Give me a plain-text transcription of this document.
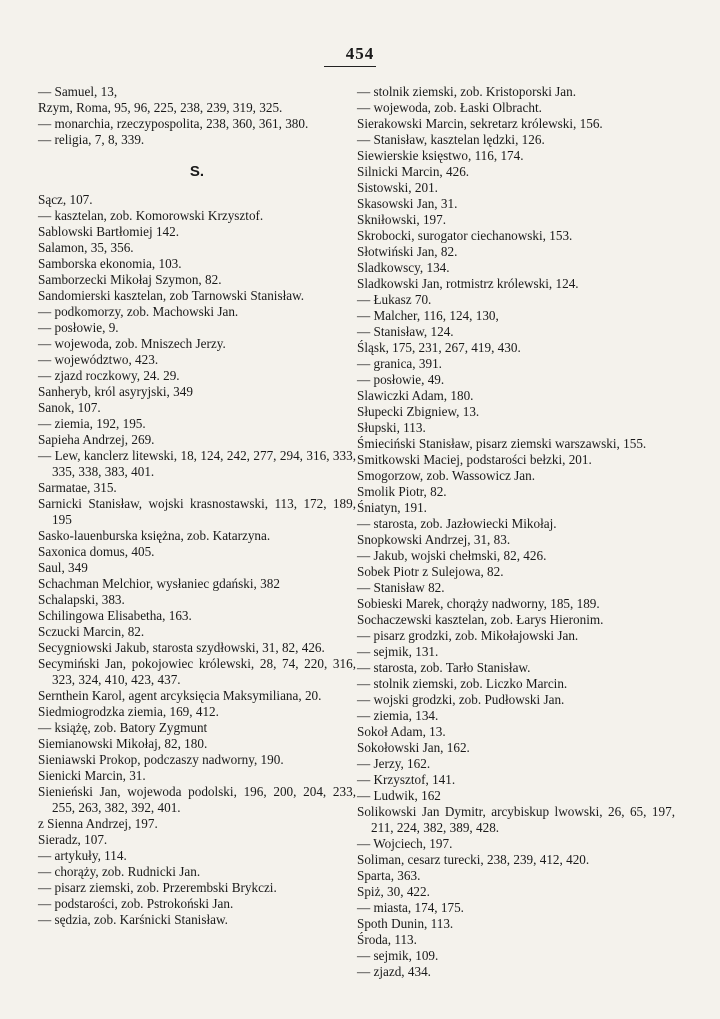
454

— Samuel, 13,

Rzym, Roma, 95, 96, 225, 238, 239, 319, 325.

— monarchia, rzeczypospolita, 238, 360, 361, 380.

— religia, 7, 8, 339.

S.

Sącz, 107.

— kasztelan, zob. Komorowski Krzysztof.

Sablowski Bartłomiej 142.

Salamon, 35, 356.

Samborska ekonomia, 103.

Samborzecki Mikołaj Szymon, 82.

Sandomierski kasztelan, zob Tarnowski Stanisław.

— podkomorzy, zob. Machowski Jan.

— posłowie, 9.

— wojewoda, zob. Mniszech Jerzy.

— województwo, 423.

— zjazd roczkowy, 24. 29.

Sanheryb, król asyryjski, 349

Sanok, 107.

— ziemia, 192, 195.

Sapieha Andrzej, 269.

— Lew, kanclerz litewski, 18, 124, 242, 277, 294, 316, 333, 335, 338, 383, 401.

Sarmatae, 315.

Sarnicki Stanisław, wojski krasnostawski, 113, 172, 189, 195

Sasko-lauenburska księżna, zob. Katarzyna.

Saxonica domus, 405.

Saul, 349

Schachman Melchior, wysłaniec gdański, 382

Schalapski, 383.

Schilingowa Elisabetha, 163.

Sczucki Marcin, 82.

Secygniowski Jakub, starosta szydłowski, 31, 82, 426.

Secymiński Jan, pokojowiec królewski, 28, 74, 220, 316, 323, 324, 410, 423, 437.

Sernthein Karol, agent arcyksięcia Maksymiliana, 20.

Siedmiogrodzka ziemia, 169, 412.

— książę, zob. Batory Zygmunt

Siemianowski Mikołaj, 82, 180.

Sieniawski Prokop, podczaszy nadworny, 190.

Sienicki Marcin, 31.

Sienieński Jan, wojewoda podolski, 196, 200, 204, 233, 255, 263, 382, 392, 401.

z Sienna Andrzej, 197.

Sieradz, 107.

— artykuły, 114.

— chorąży, zob. Rudnicki Jan.

— pisarz ziemski, zob. Przerembski Brykczi.

— podstarości, zob. Pstrokoński Jan.

— sędzia, zob. Karśnicki Stanisław.

— stolnik ziemski, zob. Kristoporski Jan.

— wojewoda, zob. Łaski Olbracht.

Sierakowski Marcin, sekretarz królewski, 156.

— Stanisław, kasztelan lędzki, 126.

Siewierskie księstwo, 116, 174.

Silnicki Marcin, 426.

Sistowski, 201.

Skasowski Jan, 31.

Skniłowski, 197.

Skrobocki, surogator ciechanowski, 153.

Słotwiński Jan, 82.

Sladkowscy, 134.

Sladkowski Jan, rotmistrz królewski, 124.

— Łukasz 70.

— Malcher, 116, 124, 130,

— Stanisław, 124.

Śląsk, 175, 231, 267, 419, 430.

— granica, 391.

— posłowie, 49.

Slawiczki Adam, 180.

Słupecki Zbigniew, 13.

Słupski, 113.

Śmieciński Stanisław, pisarz ziemski warszawski, 155.

Smitkowski Maciej, podstarości bełzki, 201.

Smogorzow, zob. Wassowicz Jan.

Smolik Piotr, 82.

Śniatyn, 191.

— starosta, zob. Jazłowiecki Mikołaj.

Snopkowski Andrzej, 31, 83.

— Jakub, wojski chełmski, 82, 426.

Sobek Piotr z Sulejowa, 82.

— Stanisław 82.

Sobieski Marek, chorąży nadworny, 185, 189.

Sochaczewski kasztelan, zob. Łarys Hieronim.

— pisarz grodzki, zob. Mikołajowski Jan.

— sejmik, 131.

— starosta, zob. Tarło Stanisław.

— stolnik ziemski, zob. Liczko Marcin.

— wojski grodzki, zob. Pudłowski Jan.

— ziemia, 134.

Sokoł Adam, 13.

Sokołowski Jan, 162.

— Jerzy, 162.

— Krzysztof, 141.

— Ludwik, 162

Solikowski Jan Dymitr, arcybiskup lwowski, 26, 65, 197, 211, 224, 382, 389, 428.

— Wojciech, 197.

Soliman, cesarz turecki, 238, 239, 412, 420.

Sparta, 363.

Spiż, 30, 422.

— miasta, 174, 175.

Spoth Dunin, 113.

Środa, 113.

— sejmik, 109.

— zjazd, 434.
